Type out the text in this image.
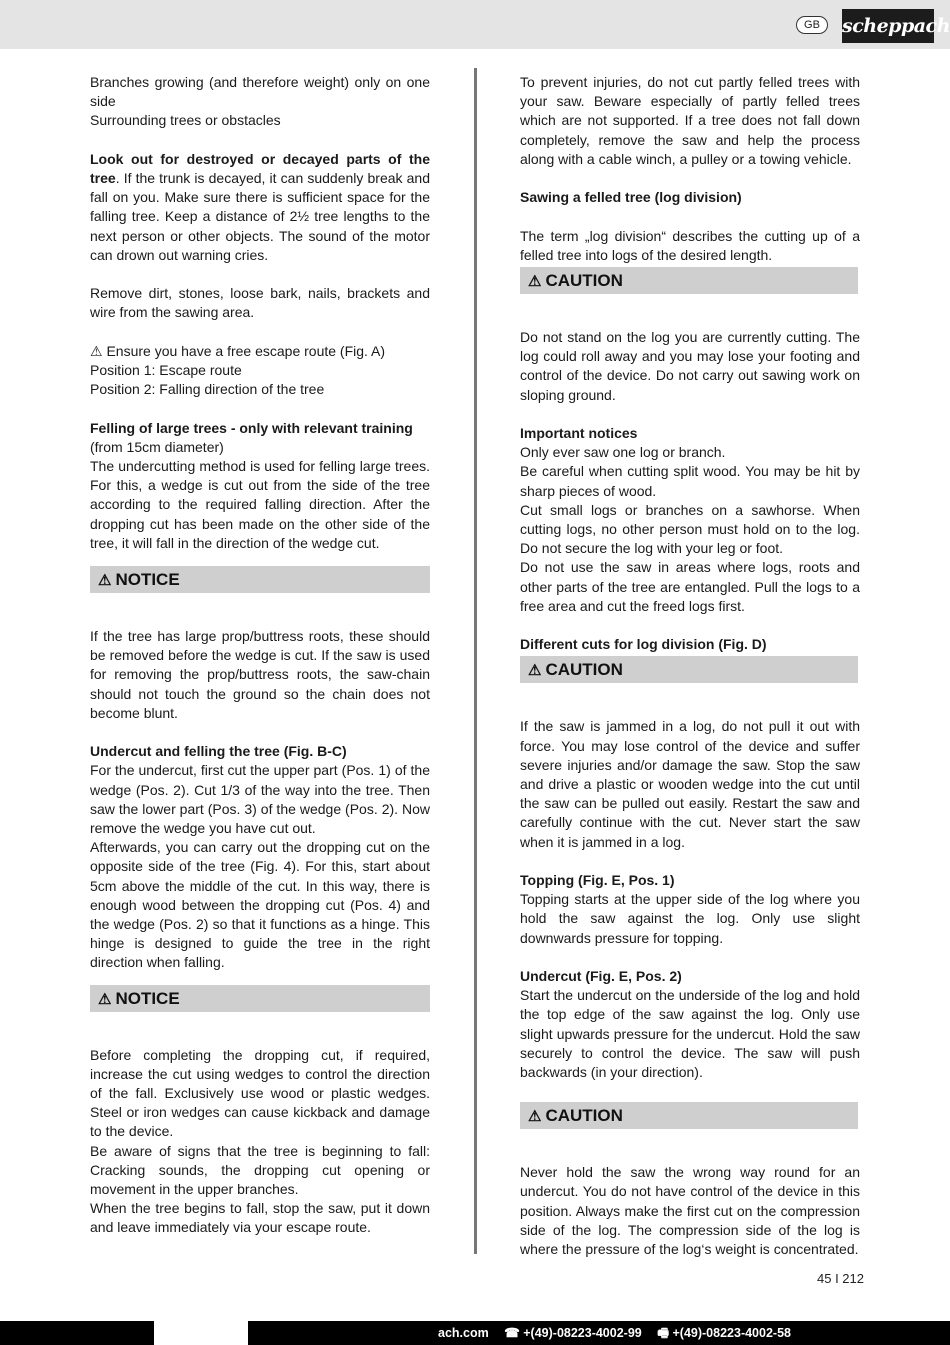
GB	scheppach

Branches growing (and therefore weight) only on one side

Surrounding trees or obstacles

Look out for destroyed or decayed parts of the tree. If the trunk is decayed, it can suddenly break and fall on you. Make sure there is sufficient space for the falling tree. Keep a distance of 2½ tree lengths to the next person or other objects. The sound of the motor can drown out warning cries.

Remove dirt, stones, loose bark, nails, brackets and wire from the sawing area.

⚠ Ensure you have a free escape route (Fig. A)

Position 1: Escape route

Position 2: Falling direction of the tree

Felling of large trees - only with relevant training

(from 15cm diameter)

The undercutting method is used for felling large trees. For this, a wedge is cut out from the side of the tree according to the required falling direction. After the dropping cut has been made on the other side of the tree, it will fall in the direction of the wedge cut.

⚠ NOTICE

If the tree has large prop/buttress roots, these should be removed before the wedge is cut. If the saw is used for removing the prop/buttress roots, the saw-chain should not touch the ground so the chain does not become blunt.

Undercut and felling the tree (Fig. B-C)

For the undercut, first cut the upper part (Pos. 1) of the wedge (Pos. 2). Cut 1/3 of the way into the tree. Then saw the lower part (Pos. 3) of the wedge (Pos. 2). Now remove the wedge you have cut out.

Afterwards, you can carry out the dropping cut on the opposite side of the tree (Fig. 4). For this, start about 5cm above the middle of the cut. In this way, there is enough wood between the dropping cut (Pos. 4) and the wedge (Pos. 2) so that it functions as a hinge. This hinge is designed to guide the tree in the right direction when falling.

⚠ NOTICE

Before completing the dropping cut, if required, increase the cut using wedges to control the direction of the fall. Exclusively use wood or plastic wedges. Steel or iron wedges can cause kickback and damage to the device.

Be aware of signs that the tree is beginning to fall: Cracking sounds, the dropping cut opening or movement in the upper branches.

When the tree begins to fall, stop the saw, put it down and leave immediately via your escape route.

To prevent injuries, do not cut partly felled trees with your saw. Beware especially of partly felled trees which are not supported. If a tree does not fall down completely, remove the saw and help the process along with a cable winch, a pulley or a towing vehicle.

Sawing a felled tree (log division)

The term „log division“ describes the cutting up of a felled tree into logs of the desired length.

⚠ CAUTION

Do not stand on the log you are currently cutting. The log could roll away and you may lose your footing and control of the device. Do not carry out sawing work on sloping ground.

Important notices

Only ever saw one log or branch.

Be careful when cutting split wood. You may be hit by sharp pieces of wood.

Cut small logs or branches on a sawhorse. When cutting logs, no other person must hold on to the log. Do not secure the log with your leg or foot.

Do not use the saw in areas where logs, roots and other parts of the tree are entangled. Pull the logs to a free area and cut the freed logs first.

Different cuts for log division (Fig. D)

⚠ CAUTION

If the saw is jammed in a log, do not pull it out with force. You may lose control of the device and suffer severe injuries and/or damage the saw. Stop the saw and drive a plastic or wooden wedge into the cut until the saw can be pulled out easily. Restart the saw and carefully continue with the cut. Never start the saw when it is jammed in a log.

Topping (Fig. E, Pos. 1)

Topping starts at the upper side of the log where you hold the saw against the log. Only use slight downwards pressure for topping.

Undercut (Fig. E, Pos. 2)

Start the undercut on the underside of the log and hold the top edge of the saw against the log. Only use slight upwards pressure for the undercut. Hold the saw securely to control the device. The saw will push backwards (in your direction).

⚠ CAUTION

Never hold the saw the wrong way round for an undercut. You do not have control of the device in this position. Always make the first cut on the compression side of the log. The compression side of the log is where the pressure of the log‘s weight is concentrated.

45 I 212
ach.com ☎ +(49)-08223-4002-99 🖷 +(49)-08223-4002-58
